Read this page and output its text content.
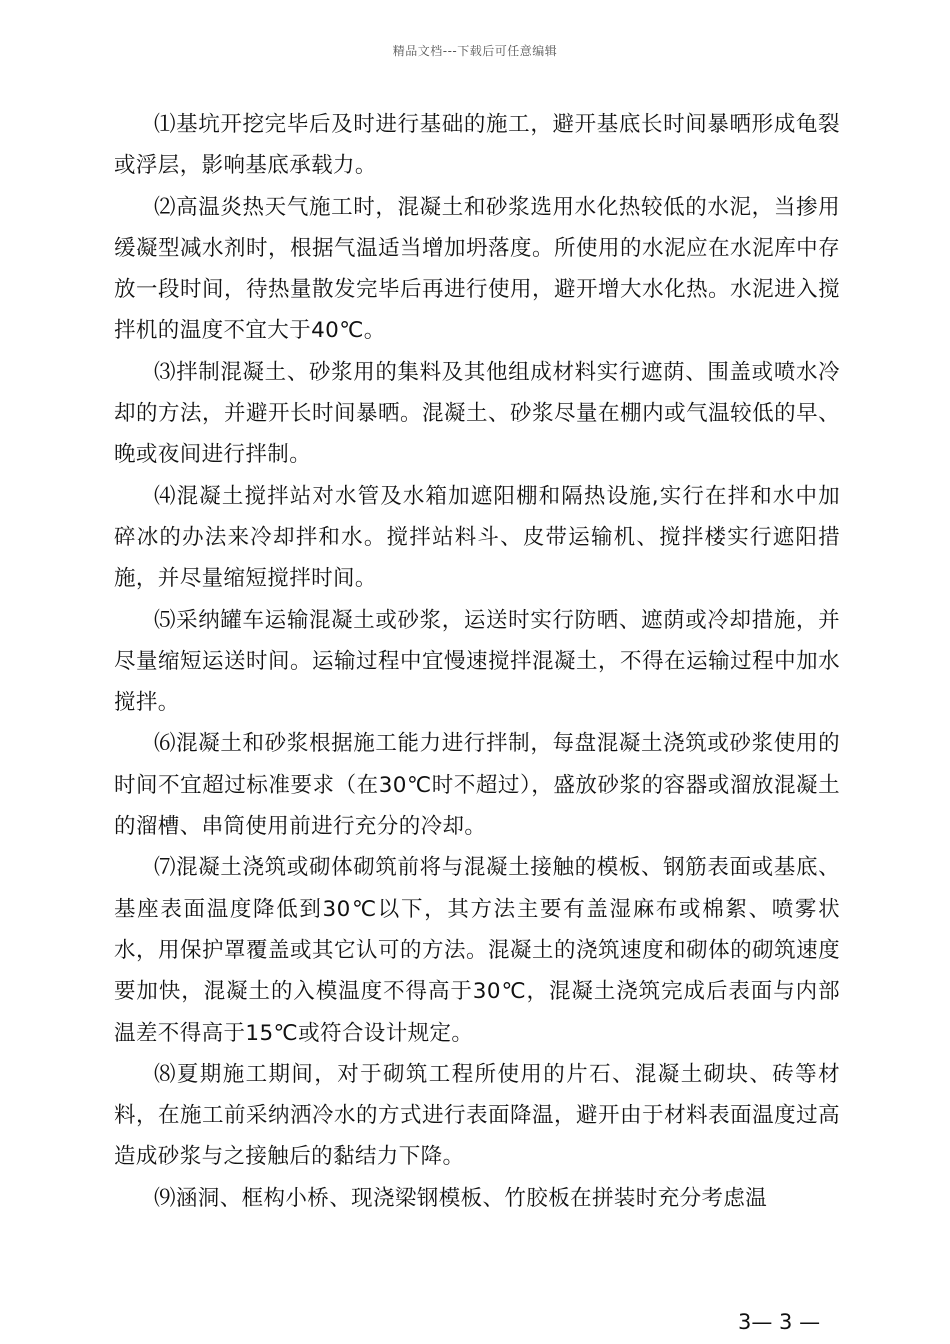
精品文档---下载后可任意编辑

⑴基坑开挖完毕后及时进行基础的施工，避开基底长时间暴晒形成龟裂或浮层，影响基底承载力。

⑵高温炎热天气施工时，混凝土和砂浆选用水化热较低的水泥，当掺用缓凝型减水剂时，根据气温适当增加坍落度。所使用的水泥应在水泥库中存放一段时间，待热量散发完毕后再进行使用，避开增大水化热。水泥进入搅拌机的温度不宜大于40℃。

⑶拌制混凝土、砂浆用的集料及其他组成材料实行遮荫、围盖或喷水冷却的方法，并避开长时间暴晒。混凝土、砂浆尽量在棚内或气温较低的早、晚或夜间进行拌制。

⑷混凝土搅拌站对水管及水箱加遮阳棚和隔热设施,实行在拌和水中加碎冰的办法来冷却拌和水。搅拌站料斗、皮带运输机、搅拌楼实行遮阳措施，并尽量缩短搅拌时间。

⑸采纳罐车运输混凝土或砂浆，运送时实行防晒、遮荫或冷却措施，并尽量缩短运送时间。运输过程中宜慢速搅拌混凝土，不得在运输过程中加水搅拌。

⑹混凝土和砂浆根据施工能力进行拌制，每盘混凝土浇筑或砂浆使用的时间不宜超过标准要求（在30℃时不超过），盛放砂浆的容器或溜放混凝土的溜槽、串筒使用前进行充分的冷却。

⑺混凝土浇筑或砌体砌筑前将与混凝土接触的模板、钢筋表面或基底、基座表面温度降低到30℃以下，其方法主要有盖湿麻布或棉絮、喷雾状水，用保护罩覆盖或其它认可的方法。混凝土的浇筑速度和砌体的砌筑速度要加快，混凝土的入模温度不得高于30℃，混凝土浇筑完成后表面与内部温差不得高于15℃或符合设计规定。

⑻夏期施工期间，对于砌筑工程所使用的片石、混凝土砌块、砖等材料，在施工前采纳洒冷水的方式进行表面降温，避开由于材料表面温度过高造成砂浆与之接触后的黏结力下降。

⑼涵洞、框构小桥、现浇梁钢模板、竹胶板在拼装时充分考虑温

3— 3 —
